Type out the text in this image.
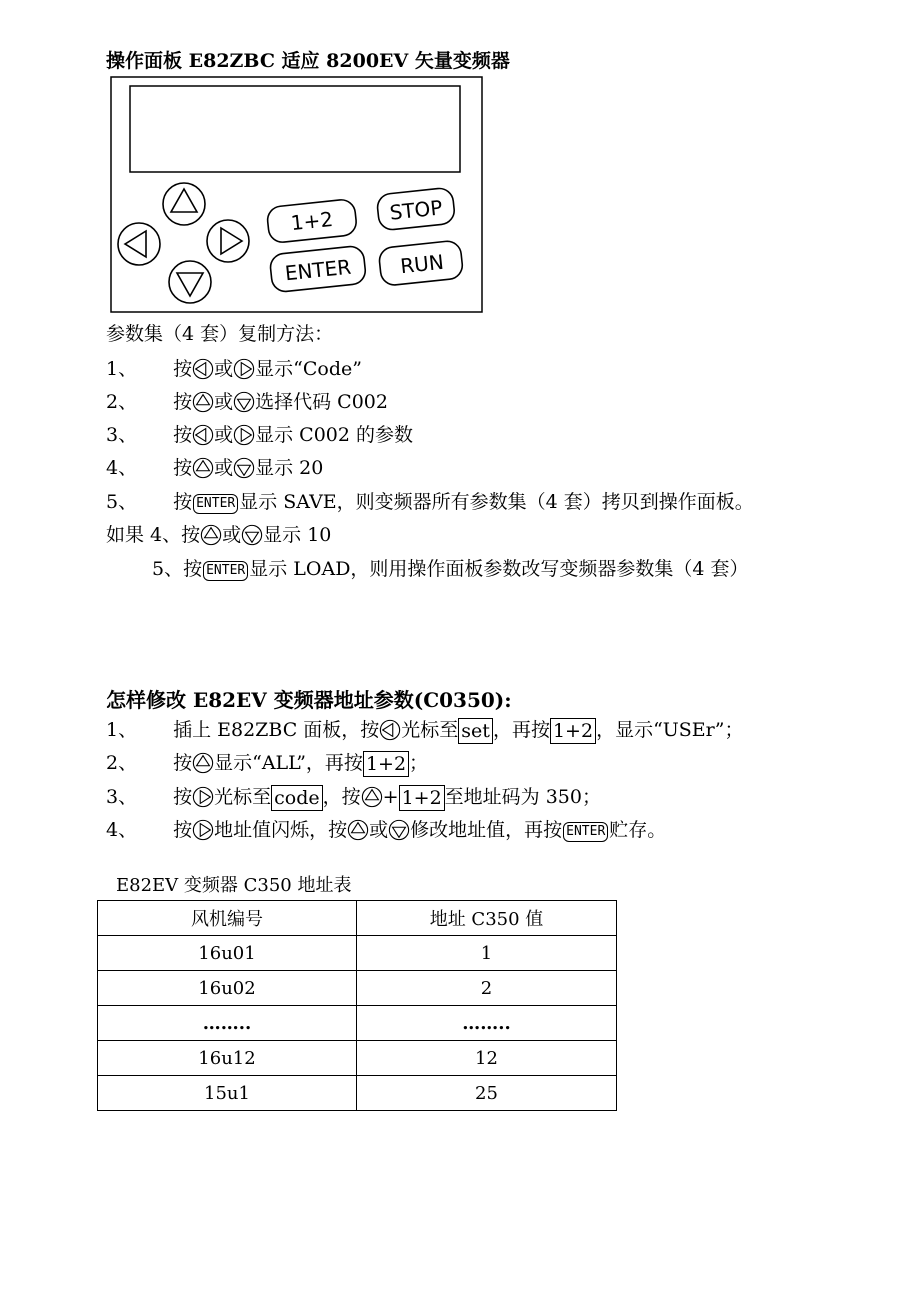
操作面板 E82ZBC 适应 8200EV 矢量变频器
1+2	STOP
ENTER RUN
参数集（4 套）复制方法：
1、 按 或 显示“Code”
2、 按 或 选择代码 C002
3、 按 或 显示 C002 的参数
4、 按 或 显示 20
5、 按 ENTER 显示 SAVE，则变频器所有参数集（4 套）拷贝到操作面板。
如果 4、按 或 显示 10
5、按 ENTER 显示 LOAD，则用操作面板参数改写变频器参数集（4 套）
怎样修改 E82EV 变频器地址参数(C0350):
1、 插上 E82ZBC 面板，按 光标至 set ，再按 1+2 ，显示“USEr”；
2、 按 显示“ALL”，再按 1+2 ；
3、 按 光标至 code ，按 + 1+2 至地址码为 350；
4、 按 地址值闪烁，按 或 修改地址值，再按 ENTER 贮存。
E82EV 变频器 C350 地址表
风机编号	地址 C350 值
16u01	1
16u02	2
……..	……..
16u12	12
15u1	25
